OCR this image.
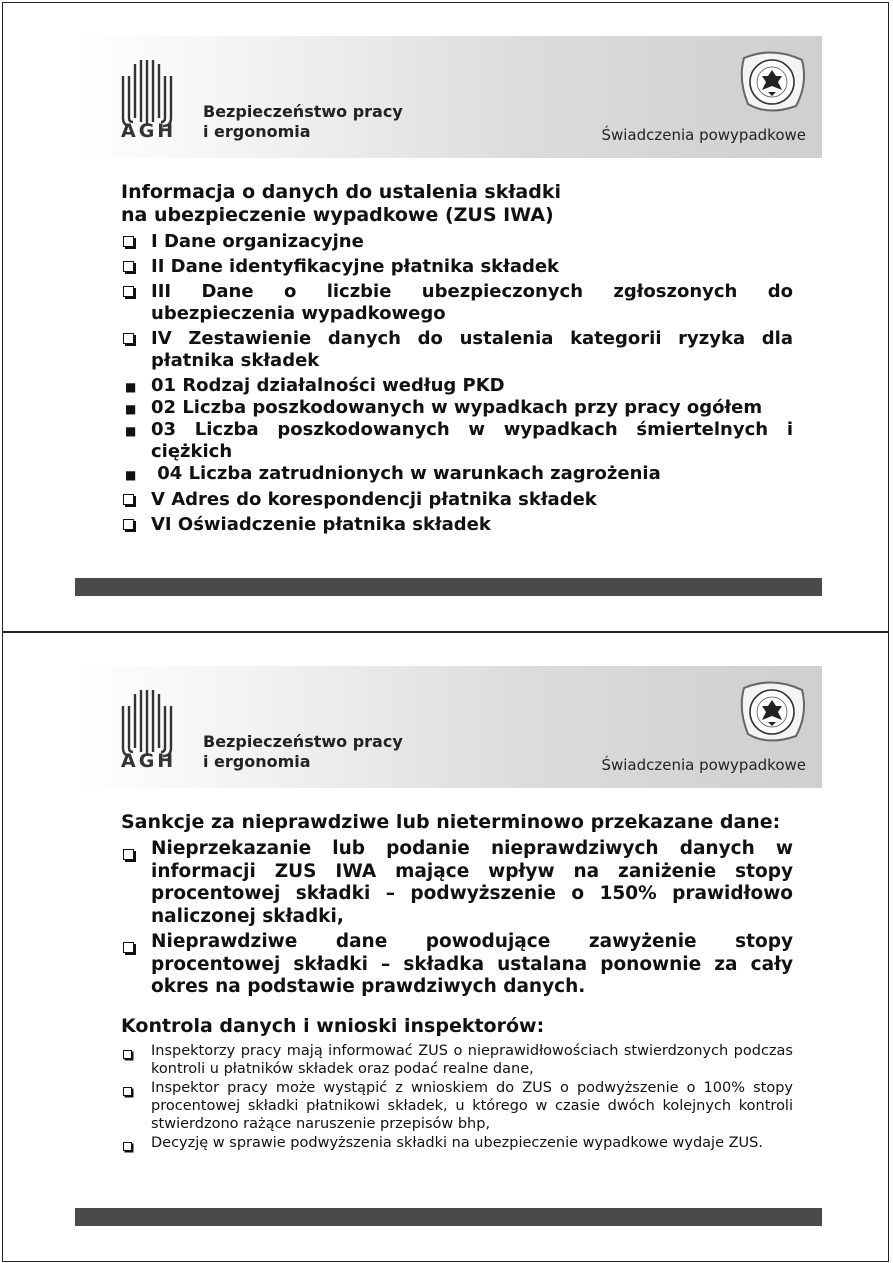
AGH
Bezpieczeństwo pracy
i ergonomia	Świadczenia powypadkowe
Informacja o danych do ustalenia składki
na ubezpieczenie wypadkowe (ZUS IWA)
I Dane organizacyjne
II Dane identyfikacyjne płatnika składek
III Dane o liczbie ubezpieczonych zgłoszonych do ubezpieczenia wypadkowego
IV Zestawienie danych do ustalenia kategorii ryzyka dla płatnika składek
■ 01 Rodzaj działalności według PKD
■ 02 Liczba poszkodowanych w wypadkach przy pracy ogółem
■ 03 Liczba poszkodowanych w wypadkach śmiertelnych i ciężkich
■ 04 Liczba zatrudnionych w warunkach zagrożenia
V Adres do korespondencji płatnika składek
VI Oświadczenie płatnika składek
AGH
Bezpieczeństwo pracy
i ergonomia	Świadczenia powypadkowe
Sankcje za nieprawdziwe lub nieterminowo przekazane dane:
Nieprzekazanie lub podanie nieprawdziwych danych w informacji ZUS IWA mające wpływ na zaniżenie stopy procentowej składki – podwyższenie o 150% prawidłowo naliczonej składki,
Nieprawdziwe dane powodujące zawyżenie stopy procentowej składki – składka ustalana ponownie za cały okres na podstawie prawdziwych danych.
Kontrola danych i wnioski inspektorów:
Inspektorzy pracy mają informować ZUS o nieprawidłowościach stwierdzonych podczas kontroli u płatników składek oraz podać realne dane,
Inspektor pracy może wystąpić z wnioskiem do ZUS o podwyższenie o 100% stopy procentowej składki płatnikowi składek, u którego w czasie dwóch kolejnych kontroli stwierdzono rażące naruszenie przepisów bhp,
Decyzję w sprawie podwyższenia składki na ubezpieczenie wypadkowe wydaje ZUS.
